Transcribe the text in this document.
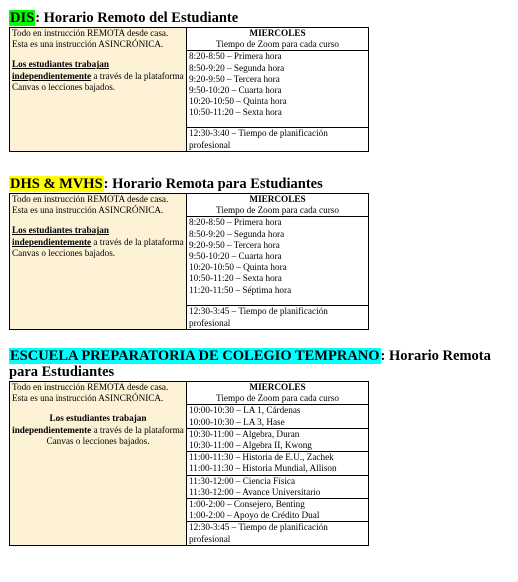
DIS: Horario Remoto del Estudiante

Todo en instrucción REMOTA desde casa. Esta es una instrucción ASINCRÓNICA.

Los estudiantes trabajan independientemente a través de la plataforma Canvas o lecciones bajados.

MIERCOLES
Tiempo de Zoom para cada curso

8:20-8:50 – Primera hora
8:50-9:20 – Segunda hora
9:20-9:50 – Tercera hora
9:50-10:20 – Cuarta hora
10:20-10:50 – Quinta hora
10:50-11:20 – Sexta hora

12:30-3:40 – Tiempo de planificación profesional

DHS & MVHS: Horario Remota para Estudiantes

Todo en instrucción REMOTA desde casa. Esta es una instrucción ASINCRÓNICA.

Los estudiantes trabajan independientemente a través de la plataforma Canvas o lecciones bajados.

MIERCOLES
Tiempo de Zoom para cada curso

8:20-8:50 – Primera hora
8:50-9:20 – Segunda hora
9:20-9:50 – Tercera hora
9:50-10:20 – Cuarta hora
10:20-10:50 – Quinta hora
10:50-11:20 – Sexta hora
11:20-11:50 – Séptima hora

12:30-3:45 – Tiempo de planificación profesional

ESCUELA PREPARATORIA DE COLEGIO TEMPRANO: Horario Remota

para Estudiantes

Todo en instrucción REMOTA desde casa. Esta es una instrucción ASINCRÓNICA.

Los estudiantes trabajan independientemente a través de la plataforma Canvas o lecciones bajados.

MIERCOLES
Tiempo de Zoom para cada curso

10:00-10:30 – LA 1, Cárdenas
10:00-10:30 – LA 3, Hase

10:30-11:00 – Algebra, Duran
10:30-11:00 – Algebra II, Kwong

11:00-11:30 – Historia de E.U., Zachek
11:00-11:30 – Historia Mundial, Allison

11:30-12:00 – Ciencia Física
11:30-12:00 – Avance Universitario

1:00-2:00 – Consejero, Benting
1:00-2:00 – Apoyo de Crédito Dual

12:30-3:45 – Tiempo de planificación profesional
